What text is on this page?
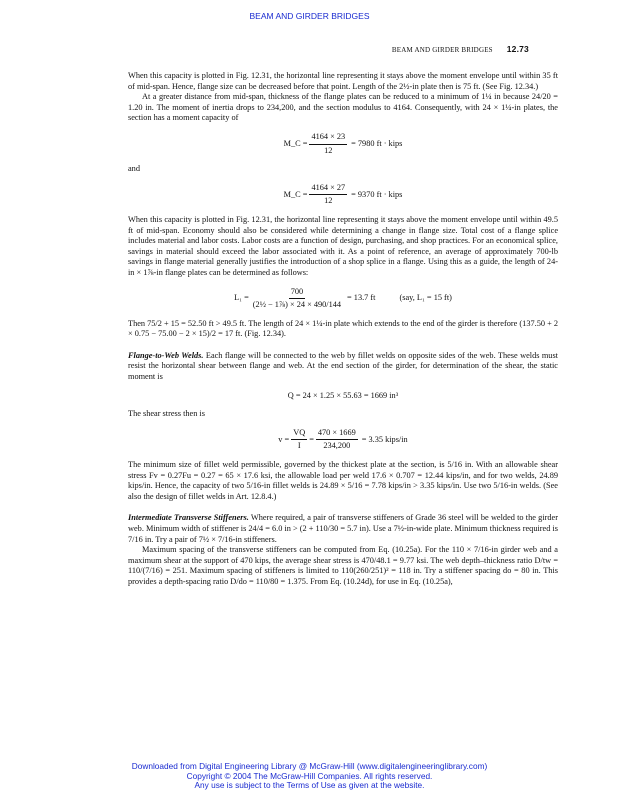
BEAM AND GIRDER BRIDGES
BEAM AND GIRDER BRIDGES 12.73

When this capacity is plotted in Fig. 12.31, the horizontal line representing it stays above the moment envelope until within 35 ft of mid-span. Hence, flange size can be decreased before that point. Length of the 2½-in plate then is 75 ft. (See Fig. 12.34.)

At a greater distance from mid-span, thickness of the flange plates can be reduced to a minimum of 1¼ in because 24/20 = 1.20 in. The moment of inertia drops to 234,200, and the section modulus to 4164. Consequently, with 24 × 1¼-in plates, the section has a moment capacity of

M_C = $\frac{4164 \times 23}{12} = 7980$ ft · kips

and

M_C = $\frac{4164 \times 27}{12} = 9370$ ft · kips

When this capacity is plotted in Fig. 12.31, the horizontal line representing it stays above the moment envelope until within 49.5 ft of mid-span. Economy should also be considered while determining a change in flange size. Total cost of a flange splice includes material and labor costs. Labor costs are a function of design, purchasing, and shop practices. For an economical splice, savings in material should exceed the labor associated with it. As a point of reference, an average of approximately 700-lb savings in flange material generally justifies the introduction of a shop splice in a flange. Using this as a guide, the length of 24-in × 1⅞-in flange plates can be determined as follows:

$L_1 = \frac{700}{\text{(2½ − 1⅞) × 24 × 490/144}} = 13.7$ ft	(say, L₁ = 15 ft)

Then 75/2 + 15 = 52.50 ft > 49.5 ft. The length of 24 × 1¼-in plate which extends to the end of the girder is therefore (137.50 + 2 × 0.75 − 75.00 − 2 × 15)/2 = 17 ft. (Fig. 12.34).

Flange-to-Web Welds. Each flange will be connected to the web by fillet welds on opposite sides of the web. These welds must resist the horizontal shear between flange and web. At the end section of the girder, for determination of the shear, the static moment is

Q = 24 × 1.25 × 55.63 = 1669 in³

The shear stress then is

$v = \frac{VQ}{I} = \frac{470 \times 1669}{234,200} = 3.35$ kips/in

The minimum size of fillet weld permissible, governed by the thickest plate at the section, is 5/16 in. With an allowable shear stress Fv = 0.27Fu = 0.27 = 65 × 17.6 ksi, the allowable load per weld 17.6 × 0.707 = 12.44 kips/in, and for two welds, 24.89 kips/in. Hence, the capacity of two 5/16-in fillet welds is 24.89 × 5/16 = 7.78 kips/in > 3.35 kips/in. Use two 5/16-in welds. (See also the design of fillet welds in Art. 12.8.4.)

Intermediate Transverse Stiffeners. Where required, a pair of transverse stiffeners of Grade 36 steel will be welded to the girder web. Minimum width of stiffener is 24/4 = 6.0 in > (2 + 110/30 = 5.7 in). Use a 7½-in-wide plate. Minimum thickness required is 7/16 in. Try a pair of 7½ × 7/16-in stiffeners.

Maximum spacing of the transverse stiffeners can be computed from Eq. (10.25a). For the 110 × 7/16-in girder web and a maximum shear at the support of 470 kips, the average shear stress is 470/48.1 = 9.77 ksi. The web depth–thickness ratio D/tw = 110/(7/16) = 251. Maximum spacing of stiffeners is limited to 110(260/251)² = 118 in. Try a stiffener spacing do = 80 in. This provides a depth-spacing ratio D/do = 110/80 = 1.375. From Eq. (10.24d), for use in Eq. (10.25a),

Downloaded from Digital Engineering Library @ McGraw-Hill (www.digitalengineeringlibrary.com)
Copyright © 2004 The McGraw-Hill Companies. All rights reserved.
Any use is subject to the Terms of Use as given at the website.
